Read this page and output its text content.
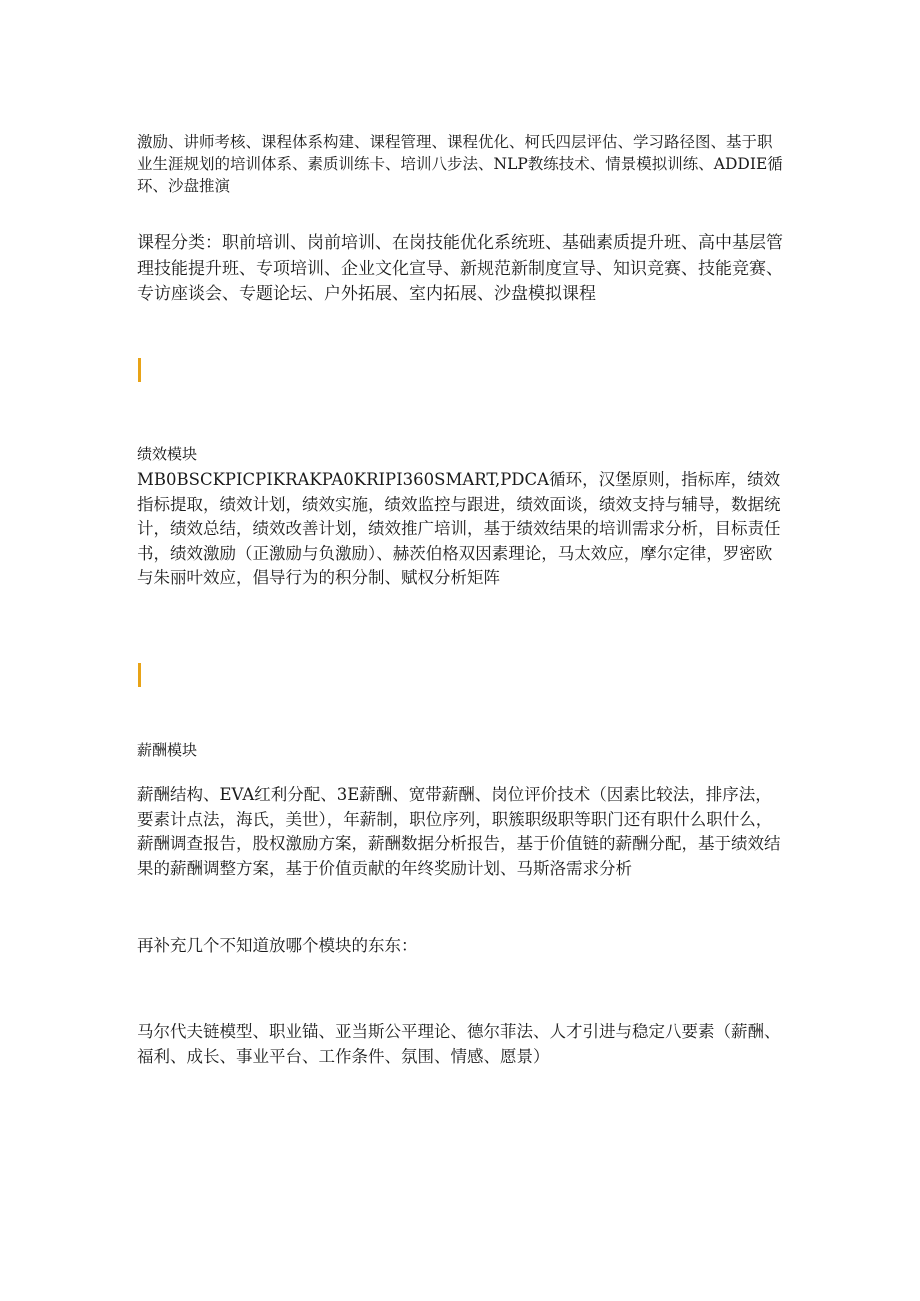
激励、讲师考核、课程体系构建、课程管理、课程优化、柯氏四层评估、学习路径图、基于职业生涯规划的培训体系、素质训练卡、培训八步法、NLP教练技术、情景模拟训练、ADDIE循环、沙盘推演

课程分类：职前培训、岗前培训、在岗技能优化系统班、基础素质提升班、高中基层管理技能提升班、专项培训、企业文化宣导、新规范新制度宣导、知识竞赛、技能竞赛、专访座谈会、专题论坛、户外拓展、室内拓展、沙盘模拟课程

绩效模块

MB0BSCKPICPIKRAKPA0KRIPI360SMART,PDCA循环，汉堡原则，指标库，绩效指标提取，绩效计划，绩效实施，绩效监控与跟进，绩效面谈，绩效支持与辅导，数据统计，绩效总结，绩效改善计划，绩效推广培训，基于绩效结果的培训需求分析，目标责任书，绩效激励（正激励与负激励）、赫茨伯格双因素理论，马太效应，摩尔定律，罗密欧与朱丽叶效应，倡导行为的积分制、赋权分析矩阵

薪酬模块

薪酬结构、EVA红利分配、3E薪酬、宽带薪酬、岗位评价技术（因素比较法，排序法，要素计点法，海氏，美世），年薪制，职位序列，职簇职级职等职门还有职什么职什么，薪酬调查报告，股权激励方案，薪酬数据分析报告，基于价值链的薪酬分配，基于绩效结果的薪酬调整方案，基于价值贡献的年终奖励计划、马斯洛需求分析

再补充几个不知道放哪个模块的东东：

马尔代夫链模型、职业锚、亚当斯公平理论、德尔菲法、人才引进与稳定八要素（薪酬、福利、成长、事业平台、工作条件、氛围、情感、愿景）
